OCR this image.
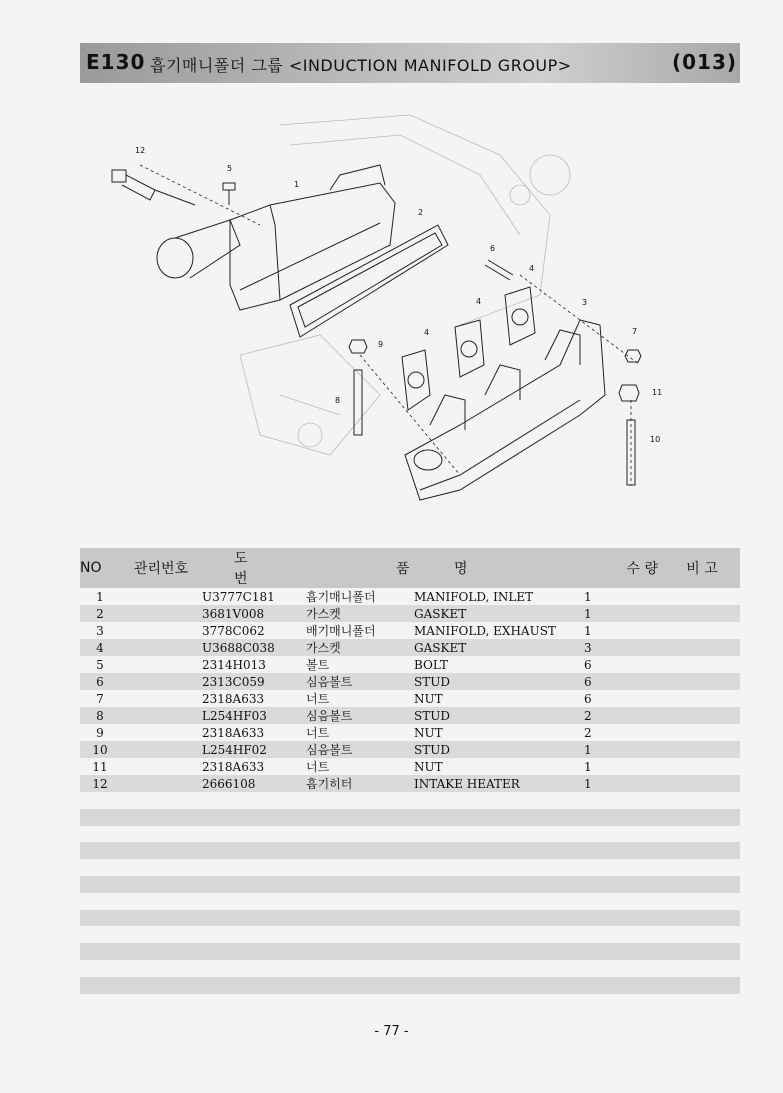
E130 흡기매니폴더 그룹 <INDUCTION MANIFOLD GROUP>	(013)
12
5
1
2
6
4
4
4
3
7
9
8
11
10
NO	관리번호	도  번	품	명	수 량	비 고
1		U3777C181	흡기매니폴더	MANIFOLD, INLET	1	
2		3681V008	가스켓	GASKET	1	
3		3778C062	배기매니폴더	MANIFOLD, EXHAUST	1	
4		U3688C038	가스켓	GASKET	3	
5		2314H013	볼트	BOLT	6	
6		2313C059	심음볼트	STUD	6	
7		2318A633	너트	NUT	6	
8		L254HF03	심음볼트	STUD	2	
9		2318A633	너트	NUT	2	
10		L254HF02	심음볼트	STUD	1	
11		2318A633	너트	NUT	1	
12		2666108	흡기히터	INTAKE HEATER	1	

- 77 -
